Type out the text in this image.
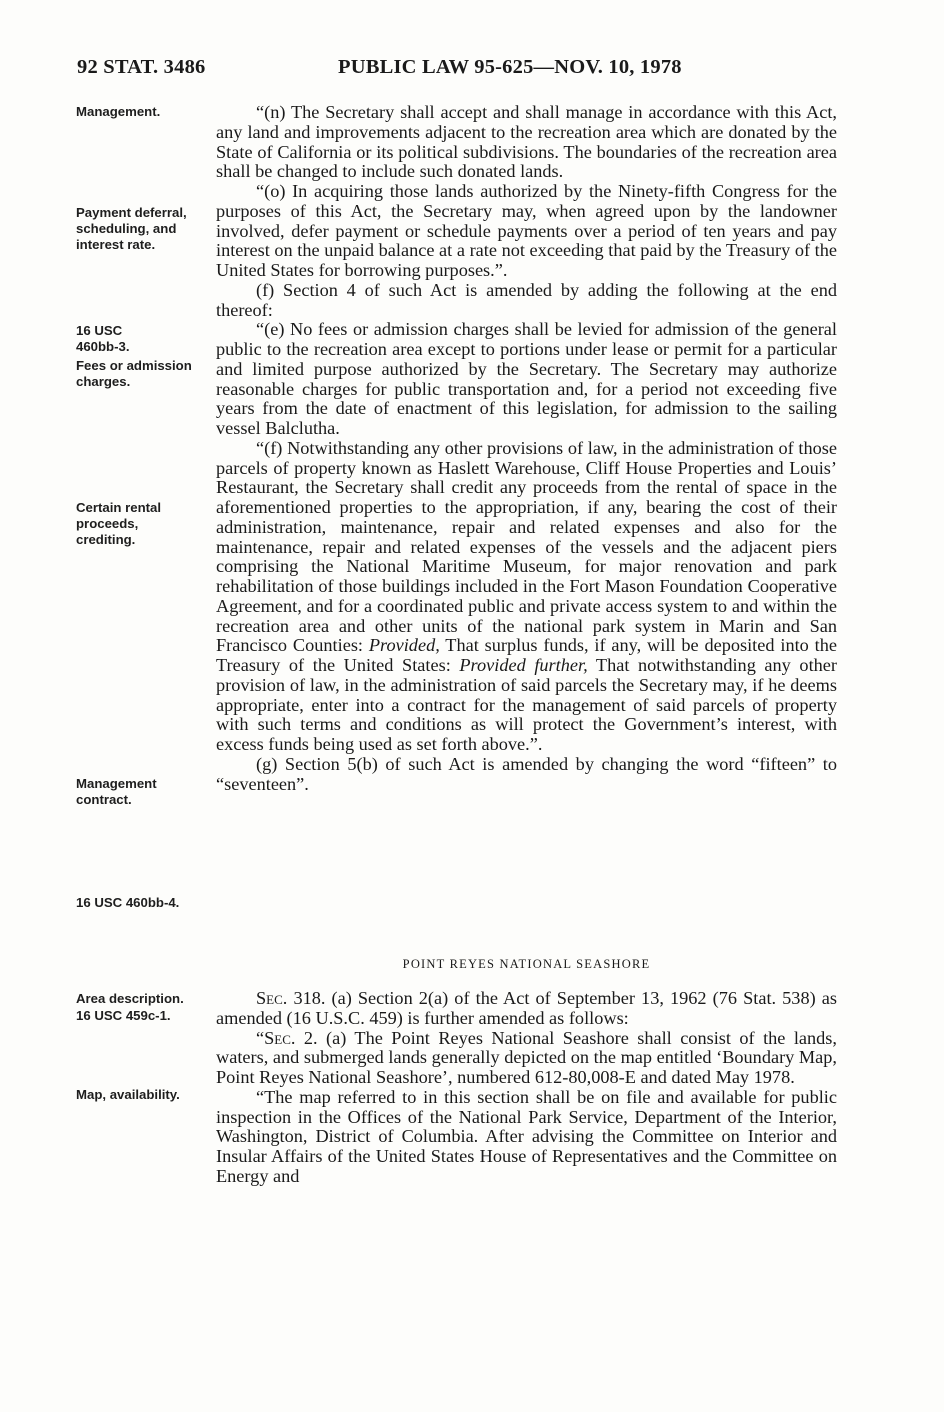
92 STAT. 3486	PUBLIC LAW 95-625—NOV. 10, 1978
Management.
Payment deferral, scheduling, and interest rate.
16 USC 460bb-3.
Fees or admission charges.
Certain rental proceeds, crediting.
Management contract.
16 USC 460bb-4.
Area description.
16 USC 459c-1.
Map, availability.

“(n) The Secretary shall accept and shall manage in accordance with this Act, any land and improvements adjacent to the recreation area which are donated by the State of California or its political subdivisions. The boundaries of the recreation area shall be changed to include such donated lands.

“(o) In acquiring those lands authorized by the Ninety-fifth Congress for the purposes of this Act, the Secretary may, when agreed upon by the landowner involved, defer payment or schedule payments over a period of ten years and pay interest on the unpaid balance at a rate not exceeding that paid by the Treasury of the United States for borrowing purposes.”.

(f) Section 4 of such Act is amended by adding the following at the end thereof:

“(e) No fees or admission charges shall be levied for admission of the general public to the recreation area except to portions under lease or permit for a particular and limited purpose authorized by the Secretary. The Secretary may authorize reasonable charges for public transportation and, for a period not exceeding five years from the date of enactment of this legislation, for admission to the sailing vessel Balclutha.

“(f) Notwithstanding any other provisions of law, in the administration of those parcels of property known as Haslett Warehouse, Cliff House Properties and Louis’ Restaurant, the Secretary shall credit any proceeds from the rental of space in the aforementioned properties to the appropriation, if any, bearing the cost of their administration, maintenance, repair and related expenses and also for the maintenance, repair and related expenses of the vessels and the adjacent piers comprising the National Maritime Museum, for major renovation and park rehabilitation of those buildings included in the Fort Mason Foundation Cooperative Agreement, and for a coordinated public and private access system to and within the recreation area and other units of the national park system in Marin and San Francisco Counties: Provided, That surplus funds, if any, will be deposited into the Treasury of the United States: Provided further, That notwithstanding any other provision of law, in the administration of said parcels the Secretary may, if he deems appropriate, enter into a contract for the management of said parcels of property with such terms and conditions as will protect the Government’s interest, with excess funds being used as set forth above.”.

(g) Section 5(b) of such Act is amended by changing the word “fifteen” to “seventeen”.

POINT REYES NATIONAL SEASHORE

Sec. 318. (a) Section 2(a) of the Act of September 13, 1962 (76 Stat. 538) as amended (16 U.S.C. 459) is further amended as follows:

“Sec. 2. (a) The Point Reyes National Seashore shall consist of the lands, waters, and submerged lands generally depicted on the map entitled ‘Boundary Map, Point Reyes National Seashore’, numbered 612-80,008-E and dated May 1978.

“The map referred to in this section shall be on file and available for public inspection in the Offices of the National Park Service, Department of the Interior, Washington, District of Columbia. After advising the Committee on Interior and Insular Affairs of the United States House of Representatives and the Committee on Energy and
